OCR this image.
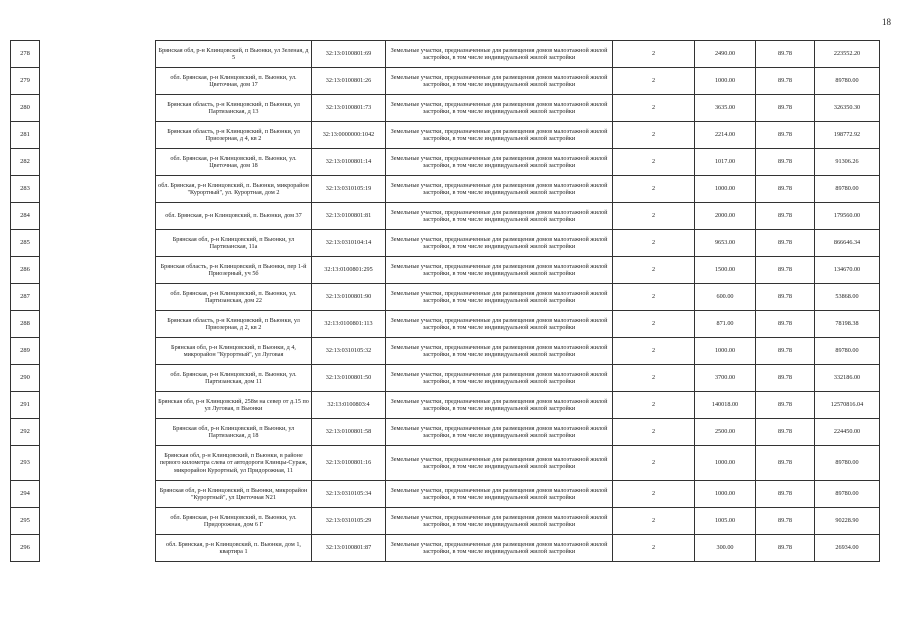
18
278		Брянская обл, р-н Клинцовский, п Вьюнки, ул Зеленая, д 5	32:13:0100801:69	Земельные участки, предназначенные для размещения домов малоэтажной жилой застройки, в том числе индивидуальной жилой застройки	2	2490.00	89.78	223552.20
279		обл. Брянская, р-н Клинцовский, п. Вьюнки, ул. Цветочная, дом 17	32:13:0100801:26	Земельные участки, предназначенные для размещения домов малоэтажной жилой застройки, в том числе индивидуальной жилой застройки	2	1000.00	89.78	89780.00
280		Брянская область, р-н Клинцовский, п Вьюнки, ул Партизанская, д 13	32:13:0100801:73	Земельные участки, предназначенные для размещения домов малоэтажной жилой застройки, в том числе индивидуальной жилой застройки	2	3635.00	89.78	326350.30
281		Брянская область, р-н Клинцовский, п Вьюнки, ул Приозерная, д 4, кв 2	32:13:0000000:1042	Земельные участки, предназначенные для размещения домов малоэтажной жилой застройки, в том числе индивидуальной жилой застройки	2	2214.00	89.78	198772.92
282		обл. Брянская, р-н Клинцовский, п. Вьюнки, ул. Цветочная, дом 18	32:13:0100801:14	Земельные участки, предназначенные для размещения домов малоэтажной жилой застройки, в том числе индивидуальной жилой застройки	2	1017.00	89.78	91306.26
283		обл. Брянская, р-н Клинцовский, п. Вьюнки, микрорайон "Курортный", ул. Курортная, дом 2	32:13:0310105:19	Земельные участки, предназначенные для размещения домов малоэтажной жилой застройки, в том числе индивидуальной жилой застройки	2	1000.00	89.78	89780.00
284		обл. Брянская, р-н Клинцовский, п. Вьюнки, дом 37	32:13:0100801:81	Земельные участки, предназначенные для размещения домов малоэтажной жилой застройки, в том числе индивидуальной жилой застройки	2	2000.00	89.78	179560.00
285		Брянская обл, р-н Клинцовский, п Вьюнки, ул Партизанская, 11а	32:13:0310104:14	Земельные участки, предназначенные для размещения домов малоэтажной жилой застройки, в том числе индивидуальной жилой застройки	2	9653.00	89.78	866646.34
286		Брянская область, р-н Клинцовский, п Вьюнки, пер 1-й Приозерный, уч 5б	32:13:0100801:295	Земельные участки, предназначенные для размещения домов малоэтажной жилой застройки, в том числе индивидуальной жилой застройки	2	1500.00	89.78	134670.00
287		обл. Брянская, р-н Клинцовский, п. Вьюнки, ул. Партизанская, дом 22	32:13:0100801:90	Земельные участки, предназначенные для размещения домов малоэтажной жилой застройки, в том числе индивидуальной жилой застройки	2	600.00	89.78	53868.00
288		Брянская область, р-н Клинцовский, п Вьюнки, ул Приозерная, д 2, кв 2	32:13:0100801:113	Земельные участки, предназначенные для размещения домов малоэтажной жилой застройки, в том числе индивидуальной жилой застройки	2	871.00	89.78	78198.38
289		Брянская обл, р-н Клинцовский, п Вьюнки, д 4, микрорайон "Курортный", ул Луговая	32:13:0310105:32	Земельные участки, предназначенные для размещения домов малоэтажной жилой застройки, в том числе индивидуальной жилой застройки	2	1000.00	89.78	89780.00
290		обл. Брянская, р-н Клинцовский, п. Вьюнки, ул. Партизанская, дом 11	32:13:0100801:50	Земельные участки, предназначенные для размещения домов малоэтажной жилой застройки, в том числе индивидуальной жилой застройки	2	3700.00	89.78	332186.00
291		Брянская обл, р-н Клинцовский, 258м на север от д.15 по ул Луговая, п Вьюнки	32:13:0100803:4	Земельные участки, предназначенные для размещения домов малоэтажной жилой застройки, в том числе индивидуальной жилой застройки	2	140018.00	89.78	12570816.04
292		Брянская обл, р-н Клинцовский, п Вьюнки, ул Партизанская, д 18	32:13:0100801:58	Земельные участки, предназначенные для размещения домов малоэтажной жилой застройки, в том числе индивидуальной жилой застройки	2	2500.00	89.78	224450.00
293		Брянская обл, р-н Клинцовский, п Вьюнки, в районе первого километра слева от автодороги Клинцы-Сураж, микрорайон Курортный, ул Придорожная, 11	32:13:0100801:16	Земельные участки, предназначенные для размещения домов малоэтажной жилой застройки, в том числе индивидуальной жилой застройки	2	1000.00	89.78	89780.00
294		Брянская обл, р-н Клинцовский, п Вьюнки, микрорайон "Курортный", ул Цветочная N21	32:13:0310105:34	Земельные участки, предназначенные для размещения домов малоэтажной жилой застройки, в том числе индивидуальной жилой застройки	2	1000.00	89.78	89780.00
295		обл. Брянская, р-н Клинцовский, п. Вьюнки, ул. Придорожная, дом 6 Г	32:13:0310105:29	Земельные участки, предназначенные для размещения домов малоэтажной жилой застройки, в том числе индивидуальной жилой застройки	2	1005.00	89.78	90228.90
296		обл. Брянская, р-н Клинцовский, п. Вьюнки, дом 1, квартира 1	32:13:0100801:87	Земельные участки, предназначенные для размещения домов малоэтажной жилой застройки, в том числе индивидуальной жилой застройки	2	300.00	89.78	26934.00
